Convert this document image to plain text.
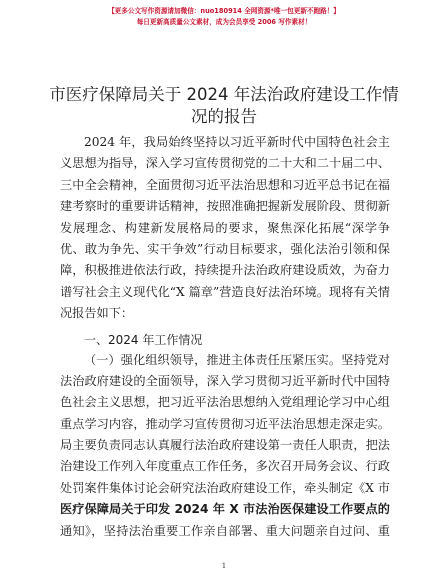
【更多公文写作资源请加微信：nuo180914 全网资源*唯一包更新不跑路！】
每日更新高质量公文素材，成为会员享受 2006 写作素材！
市医疗保障局关于 2024 年法治政府建设工作情
况的报告
2024 年，我局始终坚持以习近平新时代中国特色社会主
义思想为指导，深入学习宣传贯彻党的二十大和二十届二中、
三中全会精神，全面贯彻习近平法治思想和习近平总书记在福
建考察时的重要讲话精神，按照准确把握新发展阶段、贯彻新
发展理念、构建新发展格局的要求，聚焦深化拓展“深学争
优、敢为争先、实干争效”行动目标要求，强化法治引领和保
障，积极推进依法行政，持续提升法治政府建设质效，为奋力
谱写社会主义现代化“X 篇章”营造良好法治环境。现将有关情
况报告如下：
一、2024 年工作情况
（一）强化组织领导，推进主体责任压紧压实。坚持党对
法治政府建设的全面领导，深入学习贯彻习近平新时代中国特
色社会主义思想，把习近平法治思想纳入党组理论学习中心组
重点学习内容，推动学习宣传贯彻习近平法治思想走深走实。
局主要负责同志认真履行法治政府建设第一责任人职责，把法
治建设工作列入年度重点工作任务，多次召开局务会议、行政
处罚案件集体讨论会研究法治政府建设工作，牵头制定《X 市
医疗保障局关于印发 2024 年 X 市法治医保建设工作要点的
通知》，坚持法治重要工作亲自部署、重大问题亲自过问、重
1
